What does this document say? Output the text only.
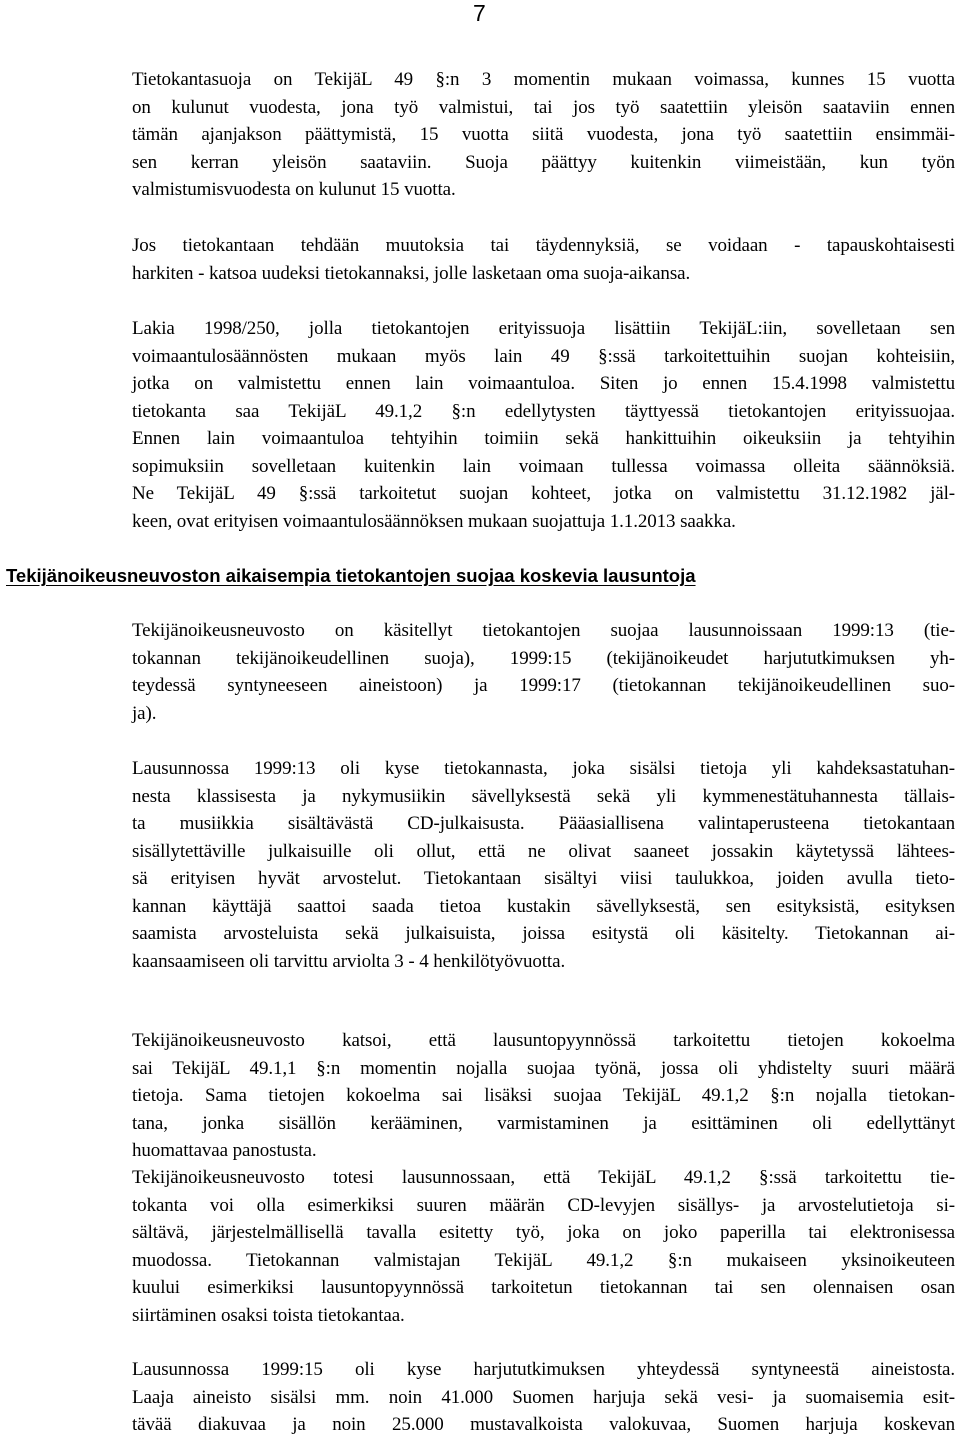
7
Tietokantasuoja on TekijäL 49 §:n 3 momentin mukaan voimassa, kunnes 15 vuotta
on kulunut vuodesta, jona työ valmistui, tai jos työ saatettiin yleisön saataviin ennen
tämän ajanjakson päättymistä, 15 vuotta siitä vuodesta, jona työ saatettiin ensimmäi-
sen kerran yleisön saataviin. Suoja päättyy kuitenkin viimeistään, kun työn
valmistumisvuodesta on kulunut 15 vuotta.
Jos tietokantaan tehdään muutoksia tai täydennyksiä, se voidaan - tapauskohtaisesti
harkiten - katsoa uudeksi tietokannaksi, jolle lasketaan oma suoja-aikansa.
Lakia 1998/250, jolla tietokantojen erityissuoja lisättiin TekijäL:iin, sovelletaan sen
voimaantulosäännösten mukaan myös lain 49 §:ssä tarkoitettuihin suojan kohteisiin,
jotka on valmistettu ennen lain voimaantuloa. Siten jo ennen 15.4.1998 valmistettu
tietokanta saa TekijäL 49.1,2 §:n edellytysten täyttyessä tietokantojen erityissuojaa.
Ennen lain voimaantuloa tehtyihin toimiin sekä hankittuihin oikeuksiin ja tehtyihin
sopimuksiin sovelletaan kuitenkin lain voimaan tullessa voimassa olleita säännöksiä.
Ne TekijäL 49 §:ssä tarkoitetut suojan kohteet, jotka on valmistettu 31.12.1982 jäl-
keen, ovat erityisen voimaantulosäännöksen mukaan suojattuja 1.1.2013 saakka.
Tekijänoikeusneuvoston aikaisempia tietokantojen suojaa koskevia lausuntoja
Tekijänoikeusneuvosto on käsitellyt tietokantojen suojaa lausunnoissaan 1999:13 (tie-
tokannan tekijänoikeudellinen suoja), 1999:15 (tekijänoikeudet harjututkimuksen yh-
teydessä syntyneeseen aineistoon) ja 1999:17 (tietokannan tekijänoikeudellinen suo-
ja).
Lausunnossa 1999:13 oli kyse tietokannasta, joka sisälsi tietoja yli kahdeksastatuhan-
nesta klassisesta ja nykymusiikin sävellyksestä sekä yli kymmenestätuhannesta tällais-
ta musiikkia sisältävästä CD-julkaisusta. Pääasiallisena valintaperusteena tietokantaan
sisällytettäville julkaisuille oli ollut, että ne olivat saaneet jossakin käytetyssä lähtees-
sä erityisen hyvät arvostelut. Tietokantaan sisältyi viisi taulukkoa, joiden avulla tieto-
kannan käyttäjä saattoi saada tietoa kustakin sävellyksestä, sen esityksistä, esityksen
saamista arvosteluista sekä julkaisuista, joissa esitystä oli käsitelty. Tietokannan ai-
kaansaamiseen oli tarvittu arviolta 3 - 4 henkilötyövuotta.
Tekijänoikeusneuvosto katsoi, että lausuntopyynnössä tarkoitettu tietojen kokoelma
sai TekijäL 49.1,1 §:n momentin nojalla suojaa työnä, jossa oli yhdistelty suuri määrä
tietoja. Sama tietojen kokoelma sai lisäksi suojaa TekijäL 49.1,2 §:n nojalla tietokan-
tana, jonka sisällön kerääminen, varmistaminen ja esittäminen oli edellyttänyt
huomattavaa panostusta.
Tekijänoikeusneuvosto totesi lausunnossaan, että TekijäL 49.1,2 §:ssä tarkoitettu tie-
tokanta voi olla esimerkiksi suuren määrän CD-levyjen sisällys- ja arvostelutietoja si-
sältävä, järjestelmällisellä tavalla esitetty työ, joka on joko paperilla tai elektronisessa
muodossa. Tietokannan valmistajan TekijäL 49.1,2 §:n mukaiseen yksinoikeuteen
kuului esimerkiksi lausuntopyynnössä tarkoitetun tietokannan tai sen olennaisen osan
siirtäminen osaksi toista tietokantaa.
Lausunnossa 1999:15 oli kyse harjututkimuksen yhteydessä syntyneestä aineistosta.
Laaja aineisto sisälsi mm. noin 41.000 Suomen harjuja sekä vesi- ja suomaisemia esit-
tävää diakuvaa ja noin 25.000 mustavalkoista valokuvaa, Suomen harjuja koskevan
